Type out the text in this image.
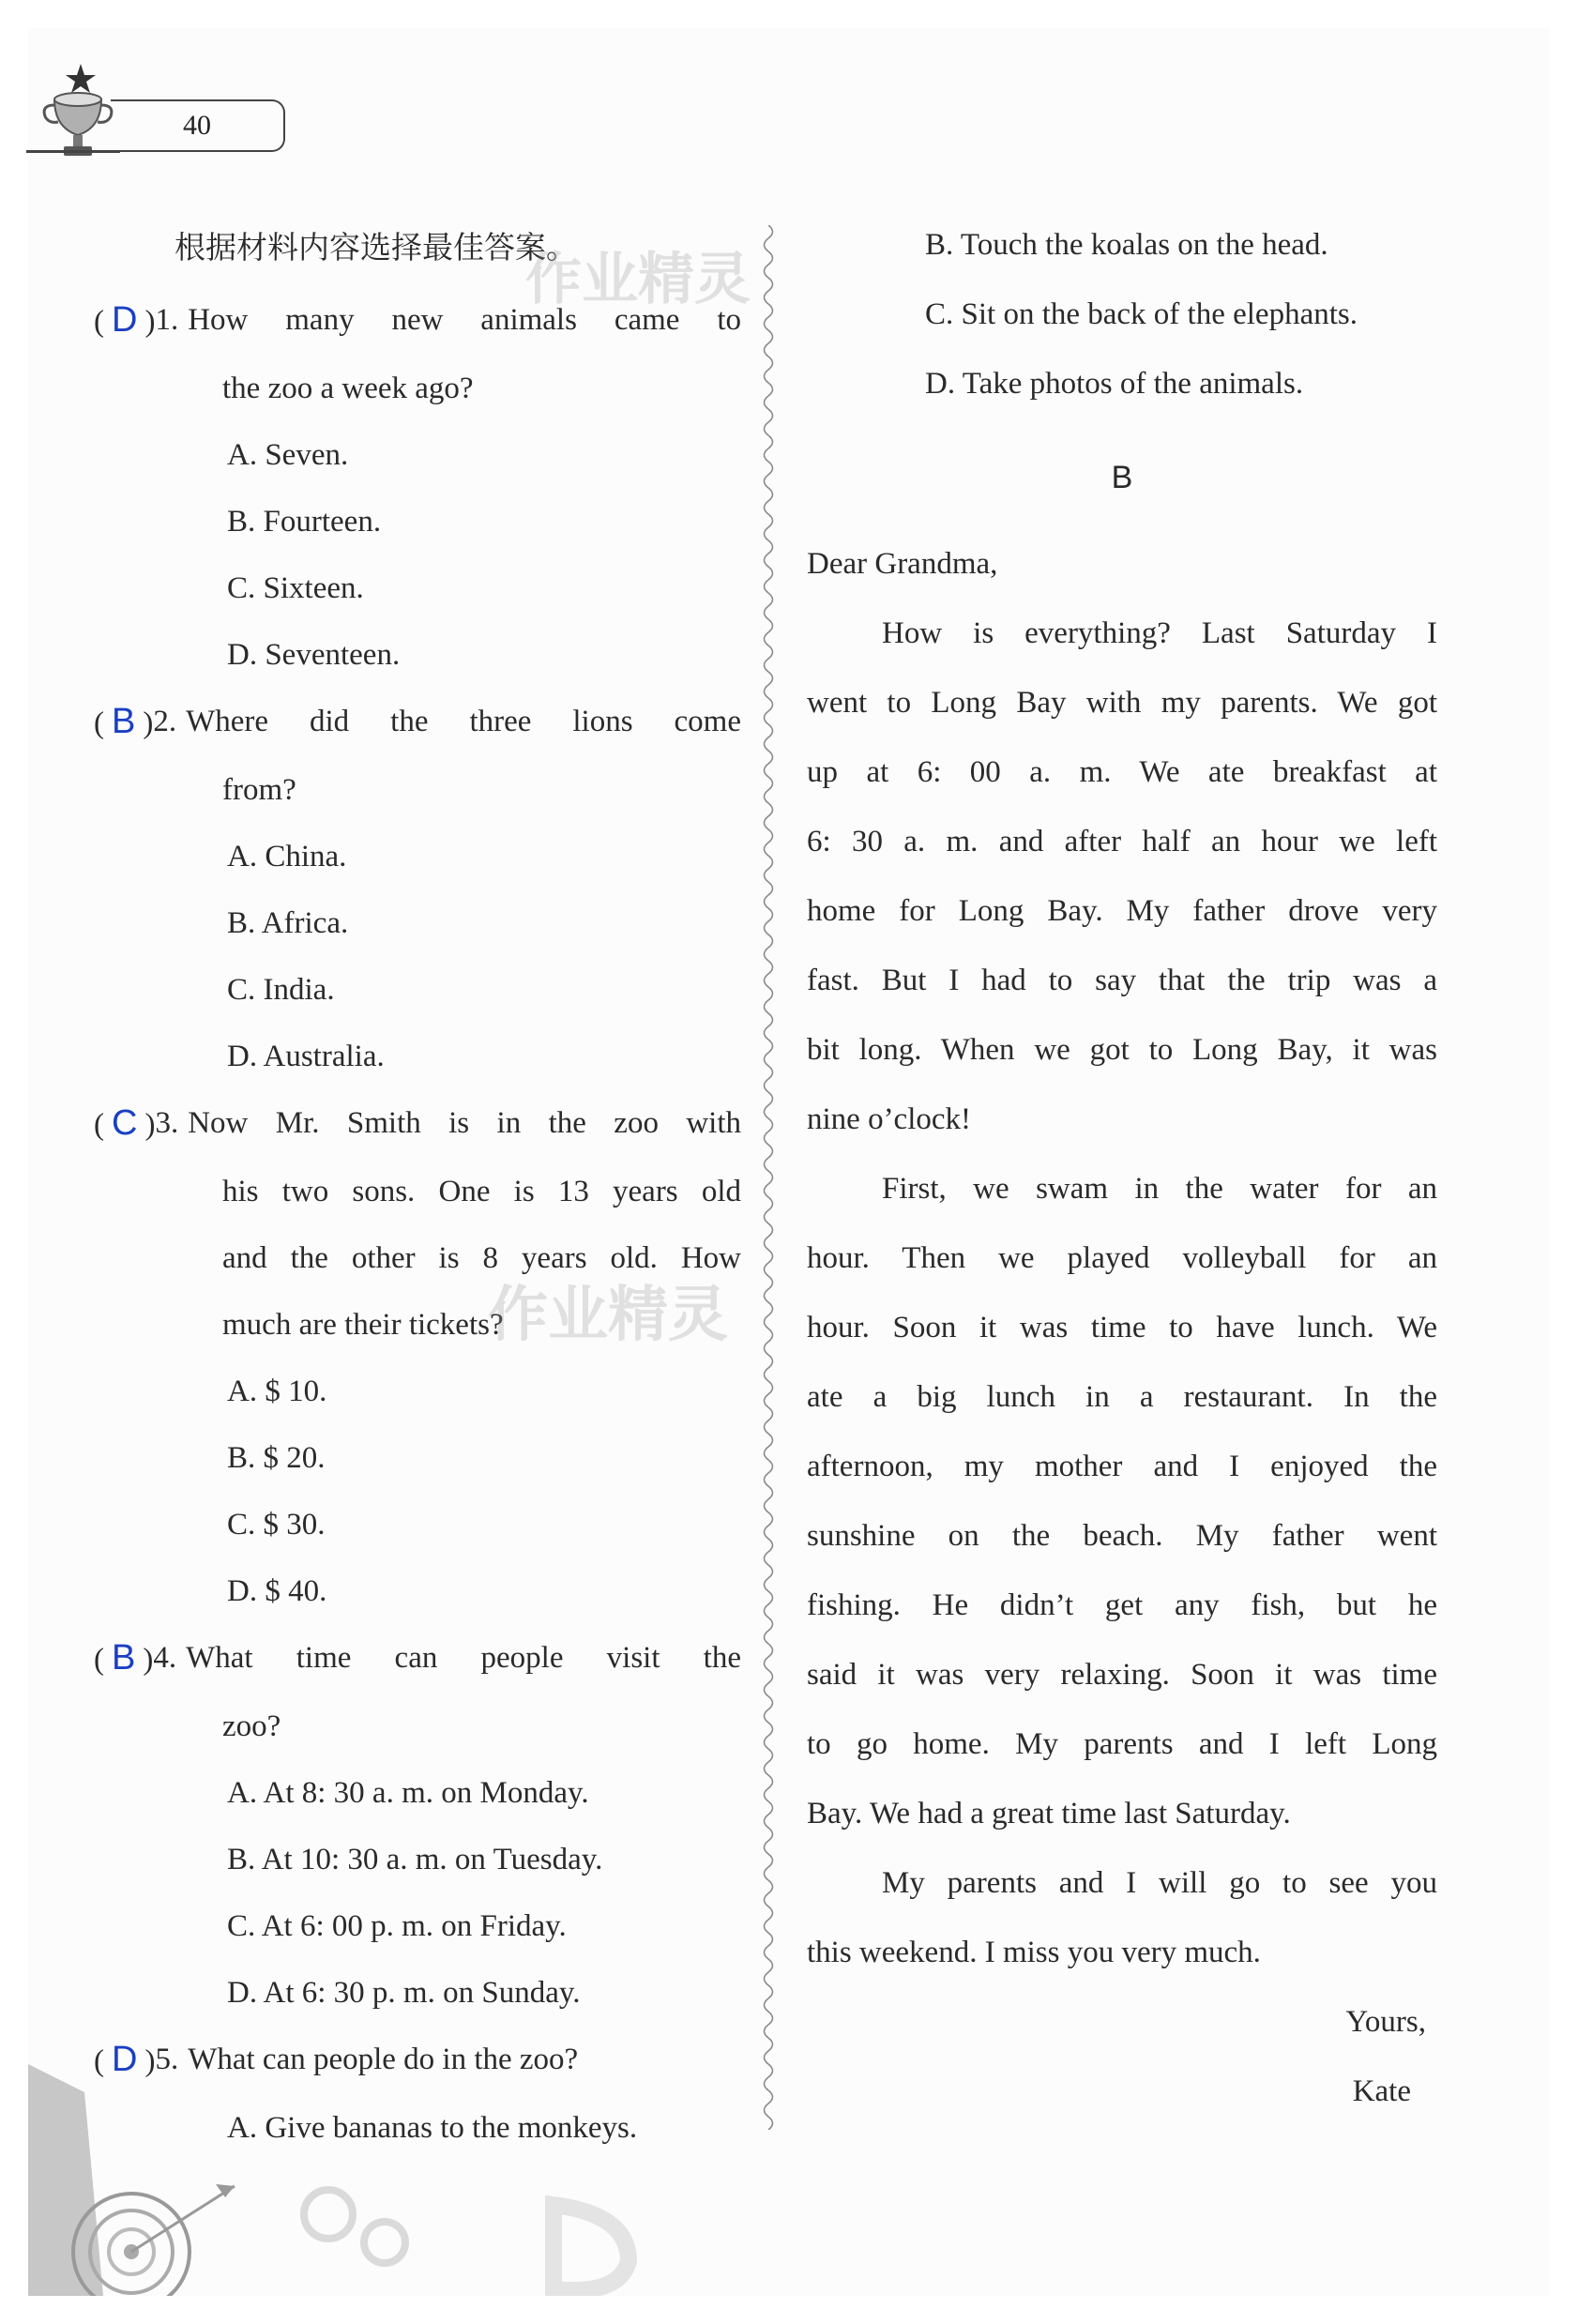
40
根据材料内容选择最佳答案。
( D ) 1. How many new animals came to
the zoo a week ago?
A. Seven.
B. Fourteen.
C. Sixteen.
D. Seventeen.
( B ) 2. Where did the three lions come
from?
A. China.
B. Africa.
C. India.
D. Australia.
( C ) 3. Now Mr. Smith is in the zoo with
his two sons. One is 13 years old
and the other is 8 years old. How
much are their tickets?
A. $ 10.
B. $ 20.
C. $ 30.
D. $ 40.
( B ) 4. What time can people visit the
zoo?
A. At 8: 30 a. m. on Monday.
B. At 10: 30 a. m. on Tuesday.
C. At 6: 00 p. m. on Friday.
D. At 6: 30 p. m. on Sunday.
( D ) 5. What can people do in the zoo?
A. Give bananas to the monkeys.
作业精灵
作业精灵
B. Touch the koalas on the head.
C. Sit on the back of the elephants.
D. Take photos of the animals.
B

Dear Grandma,

How is everything? Last Saturday I

went to Long Bay with my parents. We got

up at 6: 00 a. m. We ate breakfast at

6: 30 a. m. and after half an hour we left

home for Long Bay. My father drove very

fast. But I had to say that the trip was a

bit long. When we got to Long Bay, it was

nine o’clock!

First, we swam in the water for an

hour. Then we played volleyball for an

hour. Soon it was time to have lunch. We

ate a big lunch in a restaurant. In the

afternoon, my mother and I enjoyed the

sunshine on the beach. My father went

fishing. He didn’t get any fish, but he

said it was very relaxing. Soon it was time

to go home. My parents and I left Long

Bay. We had a great time last Saturday.

My parents and I will go to see you

this weekend. I miss you very much.

Yours,
Kate
